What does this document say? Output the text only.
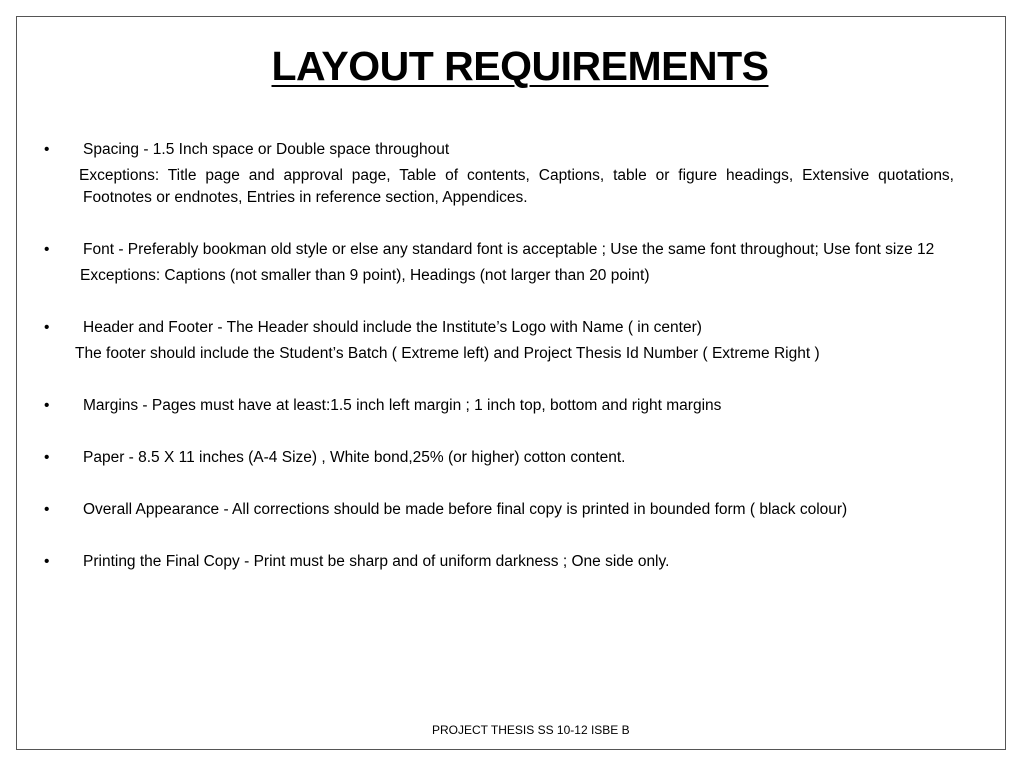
LAYOUT REQUIREMENTS
• Spacing - 1.5 Inch space or Double space throughout
Exceptions: Title page and approval page, Table of contents, Captions, table or figure headings, Extensive quotations, Footnotes or endnotes, Entries in reference section, Appendices.
• Font - Preferably bookman old style or else any standard font is acceptable ; Use the same font throughout; Use font size 12
Exceptions: Captions (not smaller than 9 point), Headings (not larger than 20 point)
• Header and Footer - The Header should include the Institute’s Logo with Name ( in center)
The footer should include the Student’s Batch ( Extreme left) and Project Thesis Id Number ( Extreme Right )
• Margins - Pages must have at least:1.5 inch left margin ; 1 inch top, bottom and right margins
• Paper - 8.5 X 11 inches (A-4 Size) , White bond,25% (or higher) cotton content.
• Overall Appearance - All corrections should be made before final copy is printed in bounded form ( black colour)
• Printing the Final Copy - Print must be sharp and of uniform darkness ; One side only.
PROJECT THESIS SS 10-12 ISBE B
